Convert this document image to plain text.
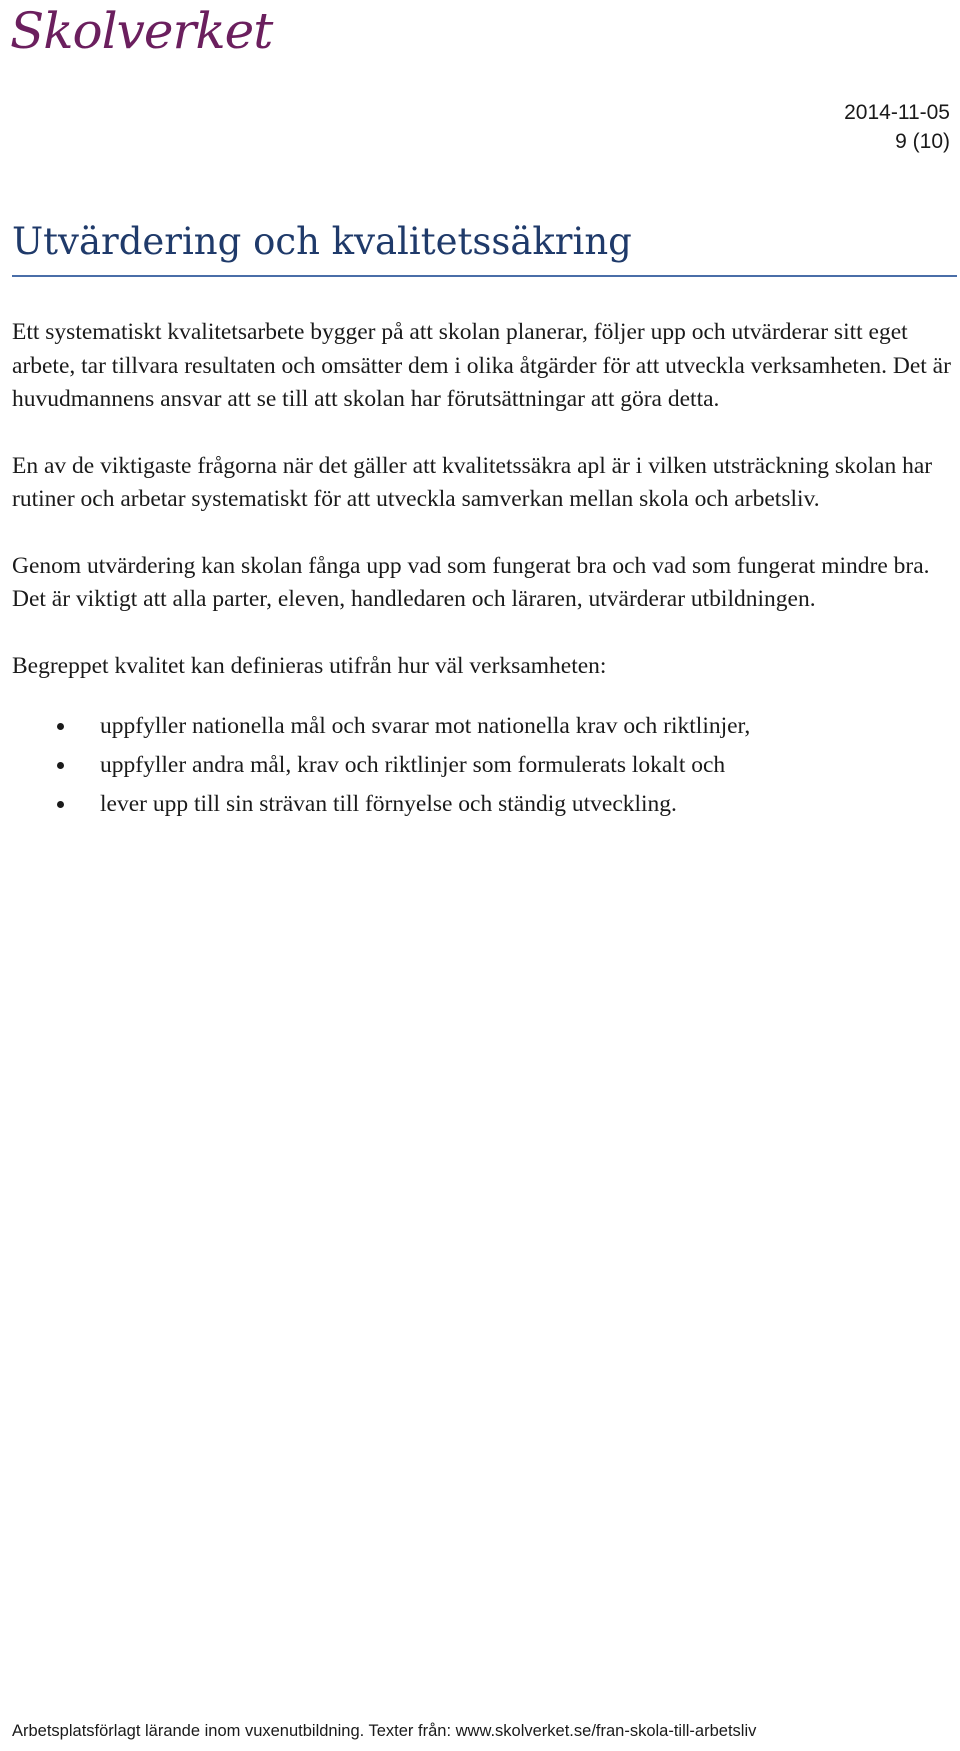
Skolverket
2014-11-05
9 (10)
Utvärdering och kvalitetssäkring

Ett systematiskt kvalitetsarbete bygger på att skolan planerar, följer upp och utvärderar sitt eget arbete, tar tillvara resultaten och omsätter dem i olika åtgärder för att utveckla verksamheten. Det är huvudmannens ansvar att se till att skolan har förutsättningar att göra detta.

En av de viktigaste frågorna när det gäller att kvalitetssäkra apl är i vilken utsträckning skolan har rutiner och arbetar systematiskt för att utveckla samverkan mellan skola och arbetsliv.

Genom utvärdering kan skolan fånga upp vad som fungerat bra och vad som fungerat mindre bra. Det är viktigt att alla parter, eleven, handledaren och läraren, utvärderar utbildningen.

Begreppet kvalitet kan definieras utifrån hur väl verksamheten:

uppfyller nationella mål och svarar mot nationella krav och riktlinjer,
uppfyller andra mål, krav och riktlinjer som formulerats lokalt och
lever upp till sin strävan till förnyelse och ständig utveckling.
Arbetsplatsförlagt lärande inom vuxenutbildning. Texter från: www.skolverket.se/fran-skola-till-arbetsliv
